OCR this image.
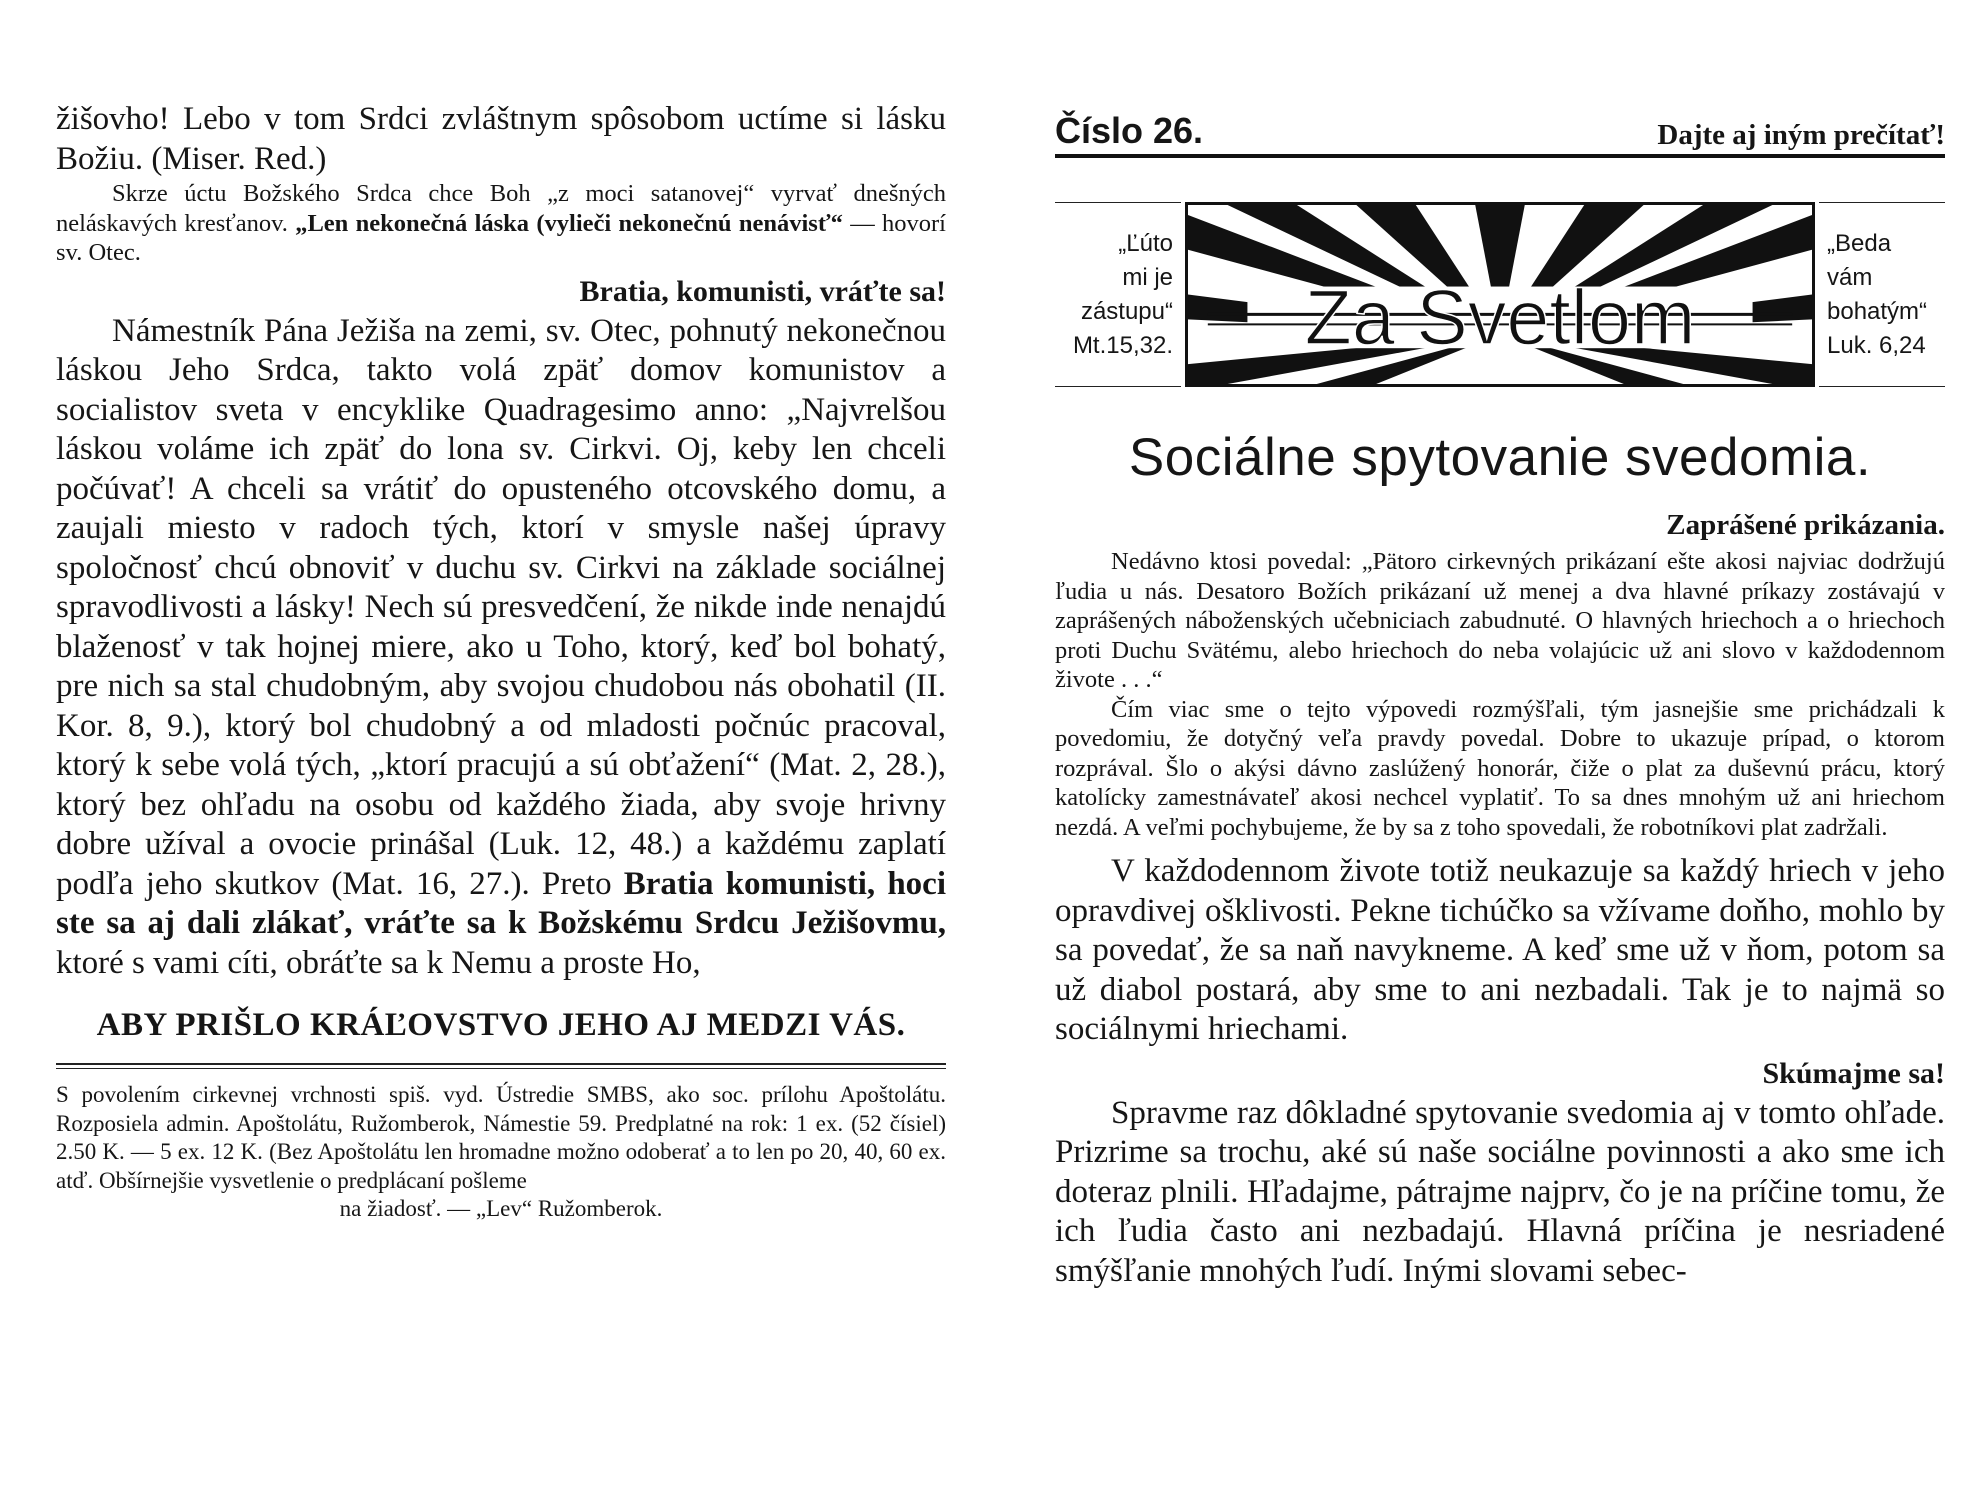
žišovho! Lebo v tom Srdci zvláštnym spôsobom uctíme si lásku Božiu. (Miser. Red.)

Skrze úctu Božského Srdca chce Boh „z moci satanovej“ vyrvať dnešných neláskavých kresťanov. „Len nekonečná láska (vylieči nekonečnú nenávisť“ — hovorí sv. Otec.

Bratia, komunisti, vráťte sa!

Námestník Pána Ježiša na zemi, sv. Otec, pohnutý nekonečnou láskou Jeho Srdca, takto volá zpäť domov komunistov a socialistov sveta v encyklike Quadragesimo anno: „Najvrelšou láskou voláme ich zpäť do lona sv. Cirkvi. Oj, keby len chceli počúvať! A chceli sa vrátiť do opusteného otcovského domu, a zaujali miesto v radoch tých, ktorí v smysle našej úpravy spoločnosť chcú obnoviť v duchu sv. Cirkvi na základe sociálnej spravodlivosti a lásky! Nech sú presvedčení, že nikde inde nenajdú blaženosť v tak hojnej miere, ako u Toho, ktorý, keď bol bohatý, pre nich sa stal chudobným, aby svojou chudobou nás obohatil (II. Kor. 8, 9.), ktorý bol chudobný a od mladosti počnúc pracoval, ktorý k sebe volá tých, „ktorí pracujú a sú obťažení“ (Mat. 2, 28.), ktorý bez ohľadu na osobu od každého žiada, aby svoje hrivny dobre užíval a ovocie prinášal (Luk. 12, 48.) a každému zaplatí podľa jeho skutkov (Mat. 16, 27.). Preto Bratia komunisti, hoci ste sa aj dali zlákať, vráťte sa k Božskému Srdcu Ježišovmu, ktoré s vami cíti, obráťte sa k Nemu a proste Ho,

ABY PRIŠLO KRÁĽOVSTVO JEHO AJ MEDZI VÁS.

S povolením cirkevnej vrchnosti spiš. vyd. Ústredie SMBS, ako soc. prílohu Apoštolátu. Rozposiela admin. Apoštolátu, Ružomberok, Námestie 59. Predplatné na rok: 1 ex. (52 čísiel) 2.50 K. — 5 ex. 12 K. (Bez Apoštolátu len hromadne možno odoberať a to len po 20, 40, 60 ex. atď. Obšírnejšie vysvetlenie o predplácaní pošleme

na žiadosť. — „Lev“ Ružomberok.

Číslo 26.	Dajte aj iným prečítať!
„Ľúto
mi je
zástupu“
Mt.15,32. Za Svetlom
„Beda
vám
bohatým“
Luk. 6,24

Sociálne spytovanie svedomia.

Zaprášené prikázania.

Nedávno ktosi povedal: „Pätoro cirkevných prikázaní ešte akosi najviac dodržujú ľudia u nás. Desatoro Božích prikázaní už menej a dva hlavné príkazy zostávajú v zaprášených náboženských učebniciach zabudnuté. O hlavných hriechoch a o hriechoch proti Duchu Svätému, alebo hriechoch do neba volajúcic už ani slovo v každodennom živote . . .“

Čím viac sme o tejto výpovedi rozmýšľali, tým jasnejšie sme prichádzali k povedomiu, že dotyčný veľa pravdy povedal. Dobre to ukazuje prípad, o ktorom rozprával. Šlo o akýsi dávno zaslúžený honorár, čiže o plat za duševnú prácu, ktorý katolícky zamestnávateľ akosi nechcel vyplatiť. To sa dnes mnohým už ani hriechom nezdá. A veľmi pochybujeme, že by sa z toho spovedali, že robotníkovi plat zadržali.

V každodennom živote totiž neukazuje sa každý hriech v jeho opravdivej ošklivosti. Pekne tichúčko sa vžívame doňho, mohlo by sa povedať, že sa naň navykneme. A keď sme už v ňom, potom sa už diabol postará, aby sme to ani nezbadali. Tak je to najmä so sociálnymi hriechami.

Skúmajme sa!

Spravme raz dôkladné spytovanie svedomia aj v tomto ohľade. Prizrime sa trochu, aké sú naše sociálne povinnosti a ako sme ich doteraz plnili. Hľadajme, pátrajme najprv, čo je na príčine tomu, že ich ľudia často ani nezbadajú. Hlavná príčina je nesriadené smýšľanie mnohých ľudí. Inými slovami sebec-
